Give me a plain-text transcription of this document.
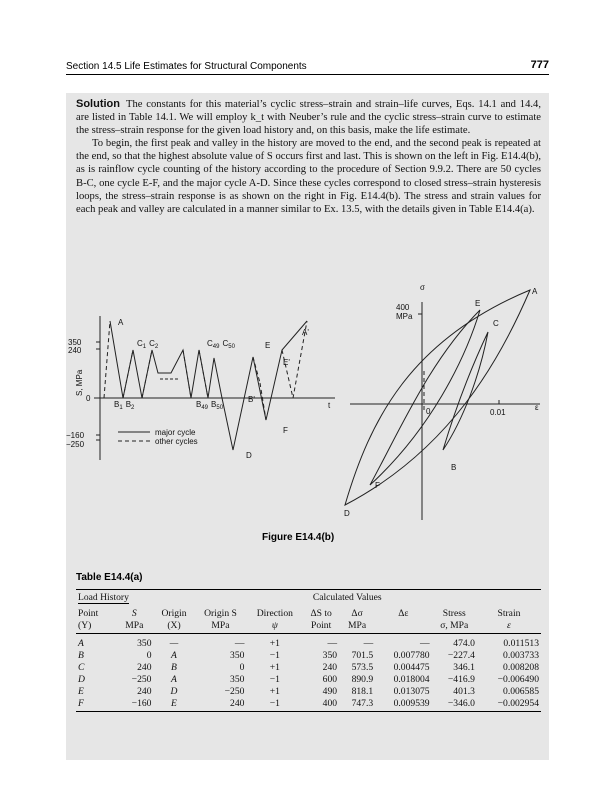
Section 14.5 Life Estimates for Structural Components	777

Solution The constants for this material’s cyclic stress–strain and strain–life curves, Eqs. 14.1 and 14.4, are listed in Table 14.1. We will employ k_t with Neuber’s rule and the cyclic stress–strain curve to estimate the stress–strain response for the given load history and, on this basis, make the life estimate.

To begin, the first peak and valley in the history are moved to the end, and the second peak is repeated at the end, so that the highest absolute value of S occurs first and last. This is shown on the left in Fig. E14.4(b), as is rainflow cycle counting of the history according to the procedure of Section 9.9.2. There are 50 cycles B-C, one cycle E-F, and the major cycle A-D. Since these cycles correspond to closed stress–strain hysteresis loops, the stress–strain response is as shown on the right in Fig. E14.4(b). The stress and strain values for each peak and valley are calculated in a manner similar to Ex. 13.5, with the details given in Table E14.4(a).

350
240
0
−160
−250
S, MPa
t
A
$C_1$ $C_2$	$C_{49}$ $C_{50}$	E
A'
E'
$B_1$ $B_2$	$B_{49}$ $B_{50}$
B'
F
D
major cycle
other cycles
σ
400
MPa
0	0.01
ε
A
E
C
B
F
D
Figure E14.4(b)
Table E14.4(a)
Load History		Calculated Values							
Point	S	Origin	Origin S	Direction	ΔS to	Δσ	Δε	Stress	Strain
(Y)	MPa	(X)	MPa	ψ	Point	MPa		σ, MPa	ε
A	350	—	—	+1	—	—	—	474.0	0.011513
B	0	A	350	−1	350	701.5	0.007780	−227.4	0.003733
C	240	B	0	+1	240	573.5	0.004475	346.1	0.008208
D	−250	A	350	−1	600	890.9	0.018004	−416.9	−0.006490
E	240	D	−250	+1	490	818.1	0.013075	401.3	0.006585
F	−160	E	240	−1	400	747.3	0.009539	−346.0	−0.002954
